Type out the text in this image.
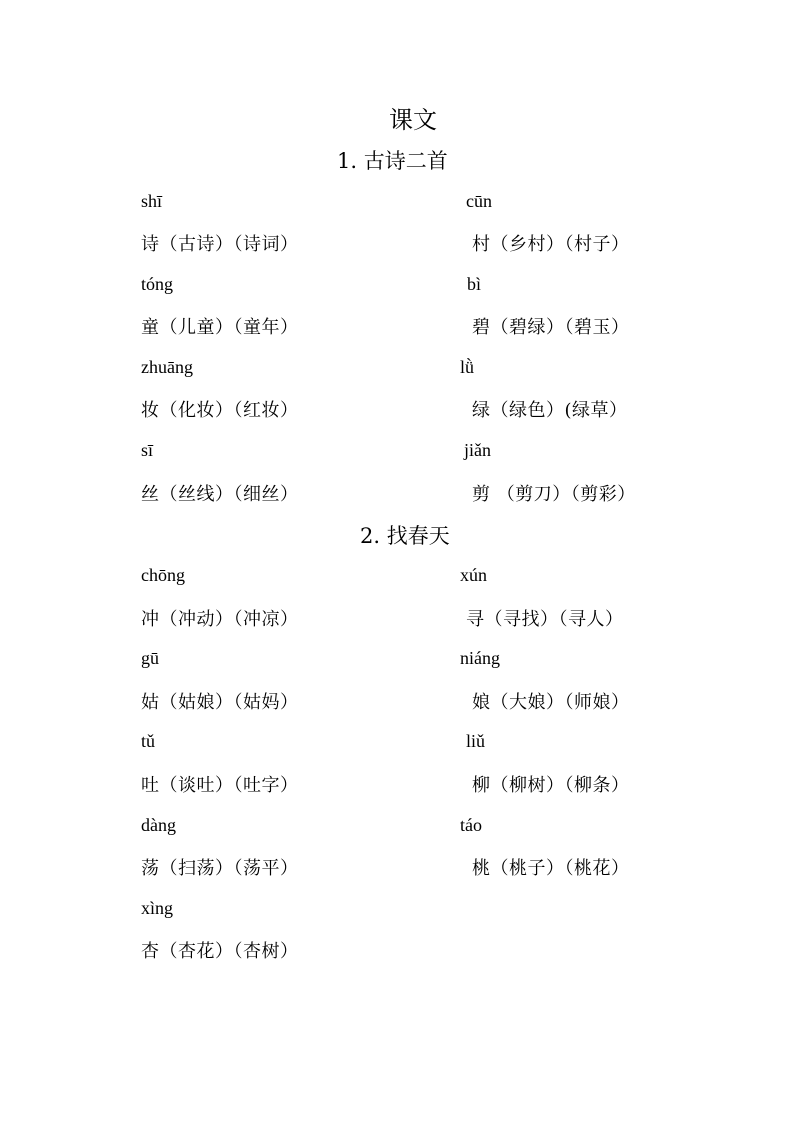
课文
1. 古诗二首
shī
诗（古诗）（诗词）
cūn
村（乡村）（村子）
tóng
童（儿童）（童年）
bì
碧（碧绿）（碧玉）
zhuāng
妆（化妆）（红妆）
lǜ
绿（绿色）(绿草）
sī
丝（丝线）（细丝）
jiǎn
剪 （剪刀）（剪彩）
2. 找春天
chōng
冲（冲动）（冲凉）
xún
寻（寻找）（寻人）
gū
姑（姑娘）（姑妈）
niáng
娘（大娘）（师娘）
tǔ
吐（谈吐）（吐字）
liǔ
柳（柳树）（柳条）
dàng
荡（扫荡）（荡平）
táo
桃（桃子）（桃花）
xìng
杏（杏花）（杏树）
